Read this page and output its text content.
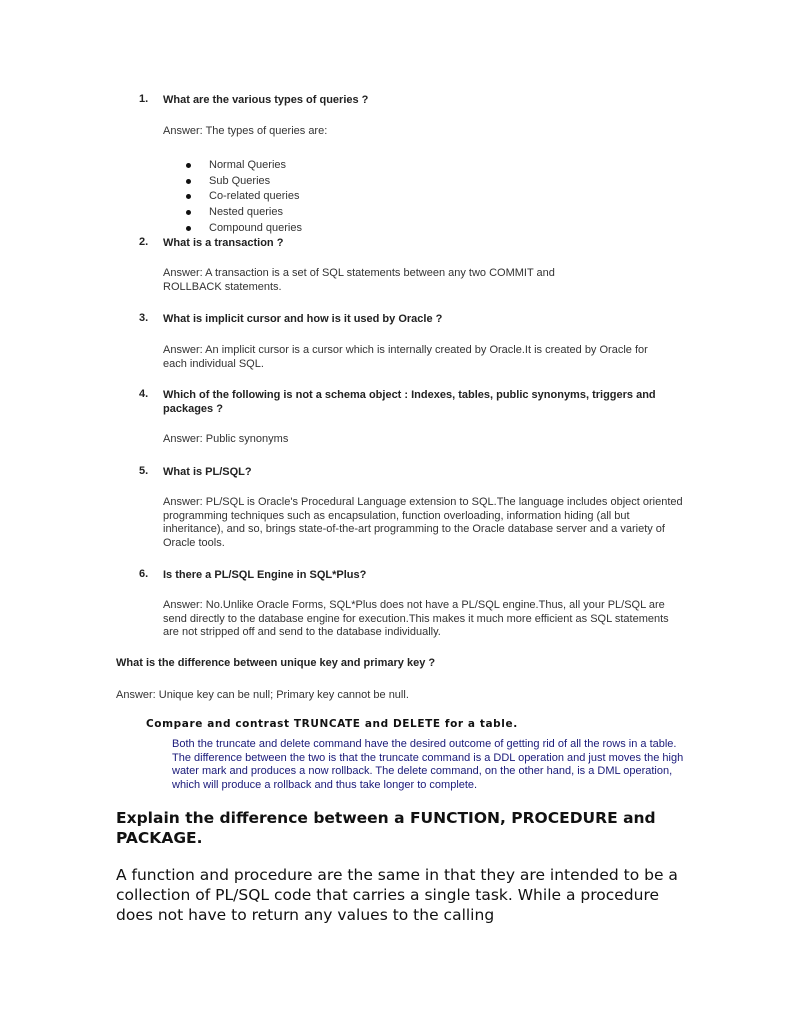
1. What are the various types of queries ?
Answer: The types of queries are:
Normal Queries
Sub Queries
Co-related queries
Nested queries
Compound queries
2. What is a transaction ?
Answer: A transaction is a set of SQL statements between any two COMMIT and ROLLBACK statements.
3. What is implicit cursor and how is it used by Oracle ?
Answer: An implicit cursor is a cursor which is internally created by Oracle.It is created by Oracle for each individual SQL.
4. Which of the following is not a schema object : Indexes, tables, public synonyms, triggers and packages ?
Answer: Public synonyms
5. What is PL/SQL?
Answer: PL/SQL is Oracle's Procedural Language extension to SQL.The language includes object oriented programming techniques such as encapsulation, function overloading, information hiding (all but inheritance), and so, brings state-of-the-art programming to the Oracle database server and a variety of Oracle tools.
6. Is there a PL/SQL Engine in SQL*Plus?
Answer: No.Unlike Oracle Forms, SQL*Plus does not have a PL/SQL engine.Thus, all your PL/SQL are send directly to the database engine for execution.This makes it much more efficient as SQL statements are not stripped off and send to the database individually.
What is the difference between unique key and primary key ?
Answer: Unique key can be null; Primary key cannot be null.
Compare and contrast TRUNCATE and DELETE for a table.
Both the truncate and delete command have the desired outcome of getting rid of all the rows in a table. The difference between the two is that the truncate command is a DDL operation and just moves the high water mark and produces a now rollback. The delete command, on the other hand, is a DML operation, which will produce a rollback and thus take longer to complete.
Explain the difference between a FUNCTION, PROCEDURE and PACKAGE.
A function and procedure are the same in that they are intended to be a collection of PL/SQL code that carries a single task. While a procedure does not have to return any values to the calling
